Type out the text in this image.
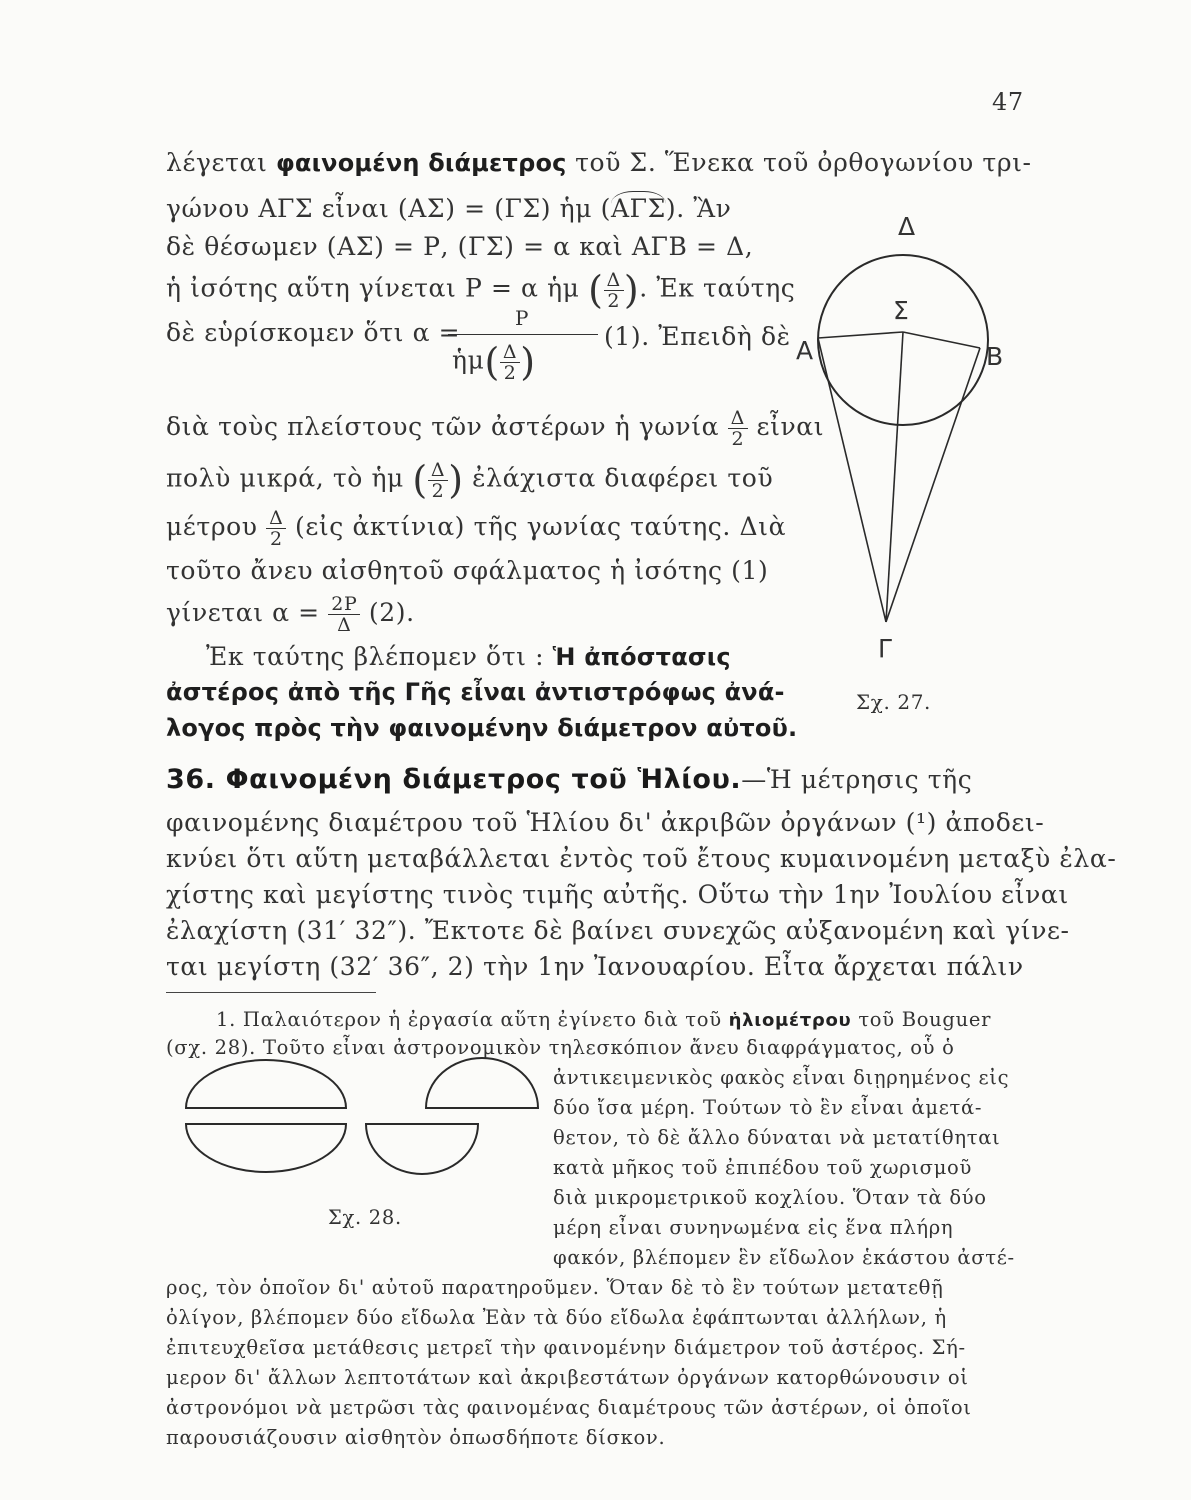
47
λέγεται φαινομένη διάμετρος τοῦ Σ. Ἕνεκα τοῦ ὀρθογωνίου τρι-
γώνου ΑΓΣ εἶναι (ΑΣ) = (ΓΣ) ἡμ (ΑΓΣ). Ἂν
δὲ θέσωμεν (ΑΣ) = Ρ, (ΓΣ) = α καὶ ΑΓΒ = Δ,
ἡ ἰσότης αὕτη γίνεται Ρ = α ἡμ ( $\frac{\Delta}{2}$ ). Ἐκ ταύτης
δὲ εὑρίσκομεν ὅτι α =	Ρ
ἡμ( $\frac{\Delta}{2}$ )
(1). Ἐπειδὴ δὲ
διὰ τοὺς πλείστους τῶν ἀστέρων ἡ γωνία $\frac{\Delta}{2}$ εἶναι
πολὺ μικρά, τὸ ἡμ ( $\frac{\Delta}{2}$ ) ἐλάχιστα διαφέρει τοῦ
μέτρου $\frac{\Delta}{2}$ (εἰς ἀκτίνια) τῆς γωνίας ταύτης. Διὰ
τοῦτο ἄνευ αἰσθητοῦ σφάλματος ἡ ἰσότης (1)
γίνεται $\alpha = \frac{2P}{\Delta} (2)$.
Ἐκ ταύτης βλέπομεν ὅτι : Ἡ ἀπόστασις
ἀστέρος ἀπὸ τῆς Γῆς εἶναι ἀντιστρόφως ἀνά-
λογος πρὸς τὴν φαινομένην διάμετρον αὐτοῦ.
Δ
Σ
Α	Β
Γ
Σχ. 27.
36. Φαινομένη διάμετρος τοῦ Ἡλίου.—Ἡ μέτρησις τῆς
φαινομένης διαμέτρου τοῦ Ἡλίου δι' ἀκριβῶν ὀργάνων (¹) ἀποδει-
κνύει ὅτι αὕτη μεταβάλλεται ἐντὸς τοῦ ἔτους κυμαινομένη μεταξὺ ἐλα-
χίστης καὶ μεγίστης τινὸς τιμῆς αὐτῆς. Οὕτω τὴν 1ην Ἰουλίου εἶναι
ἐλαχίστη (31′ 32″). Ἔκτοτε δὲ βαίνει συνεχῶς αὐξανομένη καὶ γίνε-
ται μεγίστη (32′ 36″, 2) τὴν 1ην Ἰανουαρίου. Εἶτα ἄρχεται πάλιν
1. Παλαιότερον ἡ ἐργασία αὕτη ἐγίνετο διὰ τοῦ ἡλιομέτρου τοῦ Bouguer
(σχ. 28). Τοῦτο εἶναι ἀστρονομικὸν τηλεσκόπιον ἄνευ διαφράγματος, οὗ ὁ
ἀντικειμενικὸς φακὸς εἶναι διῃρημένος εἰς
δύο ἴσα μέρη. Τούτων τὸ ἓν εἶναι ἀμετά-
θετον, τὸ δὲ ἄλλο δύναται νὰ μετατίθηται
κατὰ μῆκος τοῦ ἐπιπέδου τοῦ χωρισμοῦ
διὰ μικρομετρικοῦ κοχλίου. Ὅταν τὰ δύο
μέρη εἶναι συνηνωμένα εἰς ἕνα πλήρη
φακόν, βλέπομεν ἓν εἴδωλον ἑκάστου ἀστέ-
ρος, τὸν ὁποῖον δι' αὐτοῦ παρατηροῦμεν. Ὅταν δὲ τὸ ἓν τούτων μετατεθῇ
ὀλίγον, βλέπομεν δύο εἴδωλα Ἐὰν τὰ δύο εἴδωλα ἐφάπτωνται ἀλλήλων, ἡ
ἐπιτευχθεῖσα μετάθεσις μετρεῖ τὴν φαινομένην διάμετρον τοῦ ἀστέρος. Σή-
μερον δι' ἄλλων λεπτοτάτων καὶ ἀκριβεστάτων ὀργάνων κατορθώνουσιν οἱ
ἀστρονόμοι νὰ μετρῶσι τὰς φαινομένας διαμέτρους τῶν ἀστέρων, οἱ ὁποῖοι
παρουσιάζουσιν αἰσθητὸν ὁπωσδήποτε δίσκον.
Σχ. 28.
